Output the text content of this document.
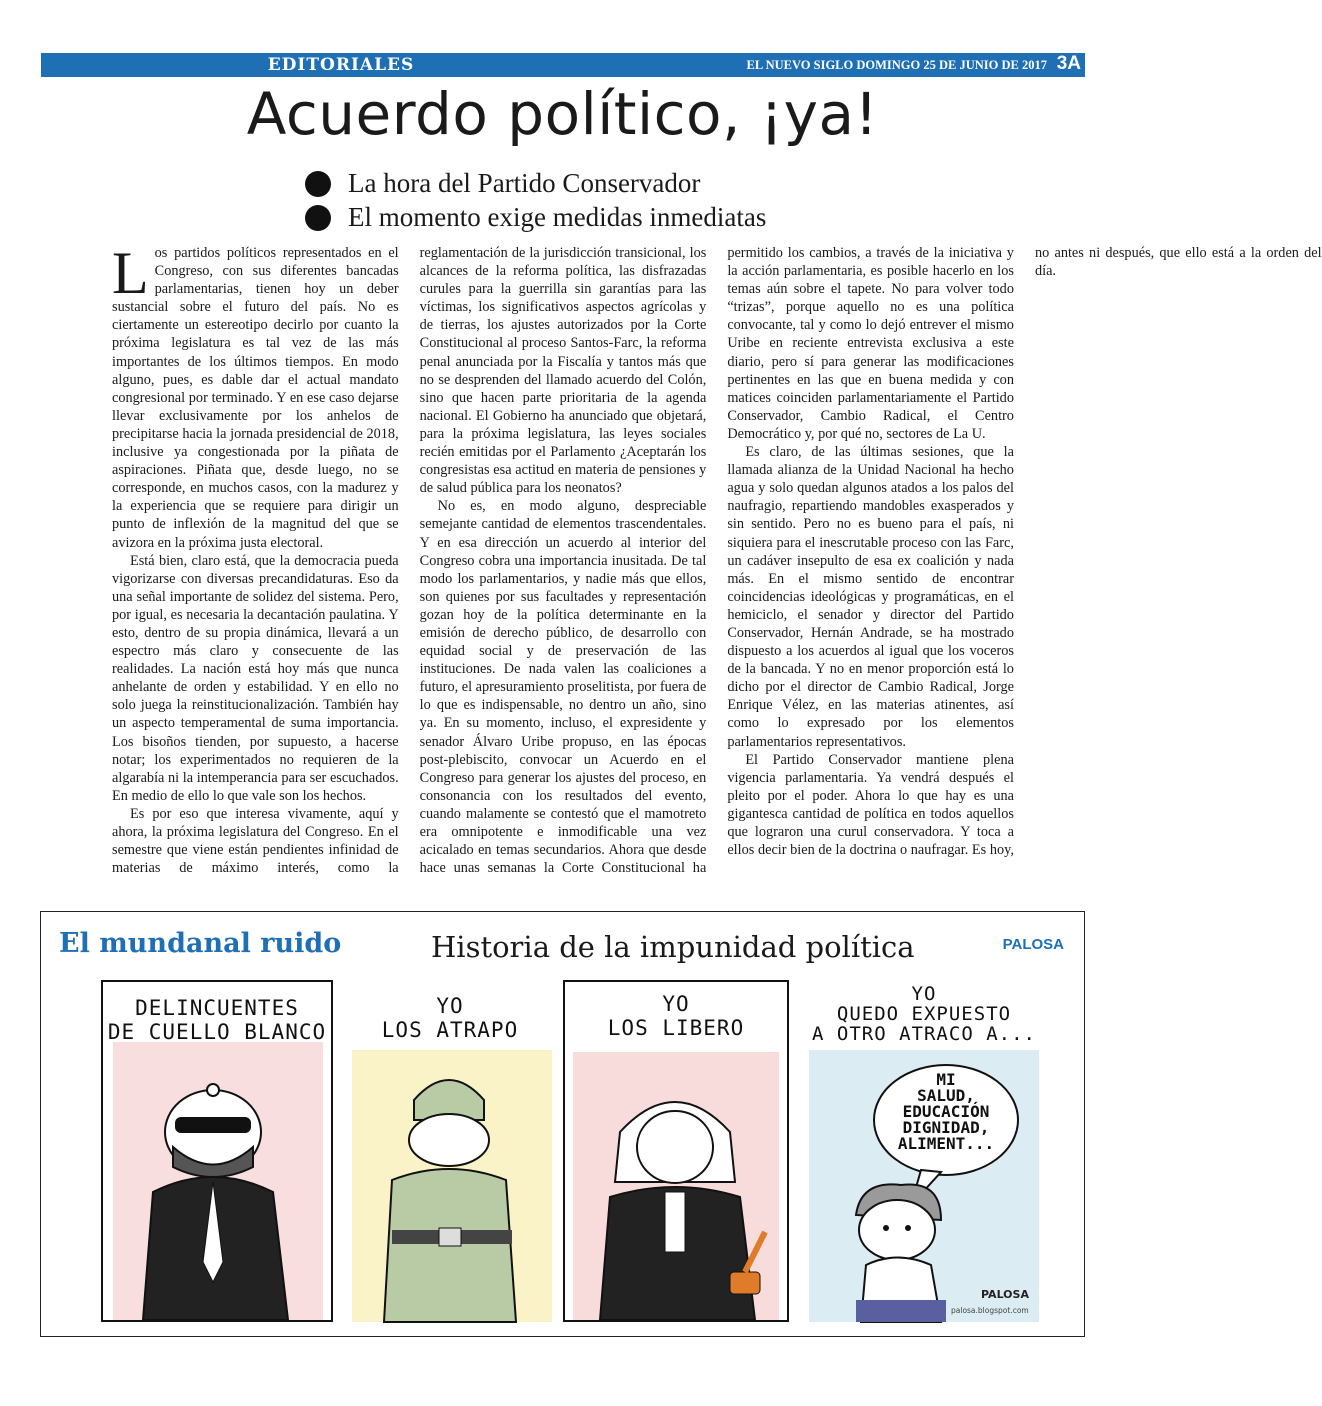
EDITORIALES	EL NUEVO SIGLO DOMINGO 25 DE JUNIO DE 2017 3A
Acuerdo político, ¡ya!
La hora del Partido Conservador
El momento exige medidas inmediatas

Los partidos políticos representados en el Congreso, con sus diferentes bancadas parlamentarias, tienen hoy un deber sustancial sobre el futuro del país. No es ciertamente un estereotipo decirlo por cuanto la próxima legislatura es tal vez de las más importantes de los últimos tiempos. En modo alguno, pues, es dable dar el actual mandato congresional por terminado. Y en ese caso dejarse llevar exclusivamente por los anhelos de precipitarse hacia la jornada presidencial de 2018, inclusive ya congestionada por la piñata de aspiraciones. Piñata que, desde luego, no se corresponde, en muchos casos, con la madurez y la experiencia que se requiere para dirigir un punto de inflexión de la magnitud del que se avizora en la próxima justa electoral.

Está bien, claro está, que la democracia pueda vigorizarse con diversas precandidaturas. Eso da una señal importante de solidez del sistema. Pero, por igual, es necesaria la decantación paulatina. Y esto, dentro de su propia dinámica, llevará a un espectro más claro y consecuente de las realidades. La nación está hoy más que nunca anhelante de orden y estabilidad. Y en ello no solo juega la reinstitucionalización. También hay un aspecto temperamental de suma importancia. Los bisoños tienden, por supuesto, a hacerse notar; los experimentados no requieren de la algarabía ni la intemperancia para ser escuchados. En medio de ello lo que vale son los hechos.

Es por eso que interesa vivamente, aquí y ahora, la próxima legislatura del Congreso. En el semestre que viene están pendientes infinidad de materias de máximo interés, como la reglamentación de la jurisdicción transicional, los alcances de la reforma política, las disfrazadas curules para la guerrilla sin garantías para las víctimas, los significativos aspectos agrícolas y de tierras, los ajustes autorizados por la Corte Constitucional al proceso Santos-Farc, la reforma penal anunciada por la Fiscalía y tantos más que no se desprenden del llamado acuerdo del Colón, sino que hacen parte prioritaria de la agenda nacional. El Gobierno ha anunciado que objetará, para la próxima legislatura, las leyes sociales recién emitidas por el Parlamento ¿Aceptarán los congresistas esa actitud en materia de pensiones y de salud pública para los neonatos?

No es, en modo alguno, despreciable semejante cantidad de elementos trascendentales. Y en esa dirección un acuerdo al interior del Congreso cobra una importancia inusitada. De tal modo los parlamentarios, y nadie más que ellos, son quienes por sus facultades y representación gozan hoy de la política determinante en la emisión de derecho público, de desarrollo con equidad social y de preservación de las instituciones. De nada valen las coaliciones a futuro, el apresuramiento proselitista, por fuera de lo que es indispensable, no dentro un año, sino ya. En su momento, incluso, el expresidente y senador Álvaro Uribe propuso, en las épocas post-plebiscito, convocar un Acuerdo en el Congreso para generar los ajustes del proceso, en consonancia con los resultados del evento, cuando malamente se contestó que el mamotreto era omnipotente e inmodificable una vez acicalado en temas secundarios. Ahora que desde hace unas semanas la Corte Constitucional ha permitido los cambios, a través de la iniciativa y la acción parlamentaria, es posible hacerlo en los temas aún sobre el tapete. No para volver todo “trizas”, porque aquello no es una política convocante, tal y como lo dejó entrever el mismo Uribe en reciente entrevista exclusiva a este diario, pero sí para generar las modificaciones pertinentes en las que en buena medida y con matices coinciden parlamentariamente el Partido Conservador, Cambio Radical, el Centro Democrático y, por qué no, sectores de La U.

Es claro, de las últimas sesiones, que la llamada alianza de la Unidad Nacional ha hecho agua y solo quedan algunos atados a los palos del naufragio, repartiendo mandobles exasperados y sin sentido. Pero no es bueno para el país, ni siquiera para el inescrutable proceso con las Farc, un cadáver insepulto de esa ex coalición y nada más. En el mismo sentido de encontrar coincidencias ideológicas y programáticas, en el hemiciclo, el senador y director del Partido Conservador, Hernán Andrade, se ha mostrado dispuesto a los acuerdos al igual que los voceros de la bancada. Y no en menor proporción está lo dicho por el director de Cambio Radical, Jorge Enrique Vélez, en las materias atinentes, así como lo expresado por los elementos parlamentarios representativos.

El Partido Conservador mantiene plena vigencia parlamentaria. Ya vendrá después el pleito por el poder. Ahora lo que hay es una gigantesca cantidad de política en todos aquellos que lograron una curul conservadora. Y toca a ellos decir bien de la doctrina o naufragar. Es hoy, no antes ni después, que ello está a la orden del día.

El mundanal ruido	Historia de la impunidad política	PALOSA
DELINCUENTES
DE CUELLO BLANCO
YO
LOS ATRAPO
YO
LOS LIBERO
YO
QUEDO EXPUESTO
A OTRO ATRACO A...
MI
SALUD,
EDUCACIÓN
DIGNIDAD,
ALIMENT...
PALOSA
palosa.blogspot.com
